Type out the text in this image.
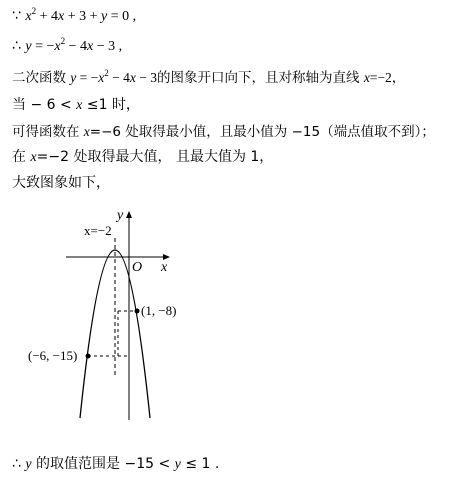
∵ $x^2 + 4x + 3 + y = 0$ ,
∴ $y = -x^2 - 4x - 3$ ,
二次函数 $y = -x^2 - 4x - 3$的图象开口向下，且对称轴为直线 x=−2，
当 − 6 < x ≤1 时，
可得函数在 x=−6 处取得最小值，且最小值为 −15（端点值取不到）；
在 x=−2 处取得最大值， 且最大值为 1，
大致图象如下，
y
x
O
x=−2
(1, −8)
(−6, −15)
∴ y 的取值范围是 −15 < y ≤ 1 .
